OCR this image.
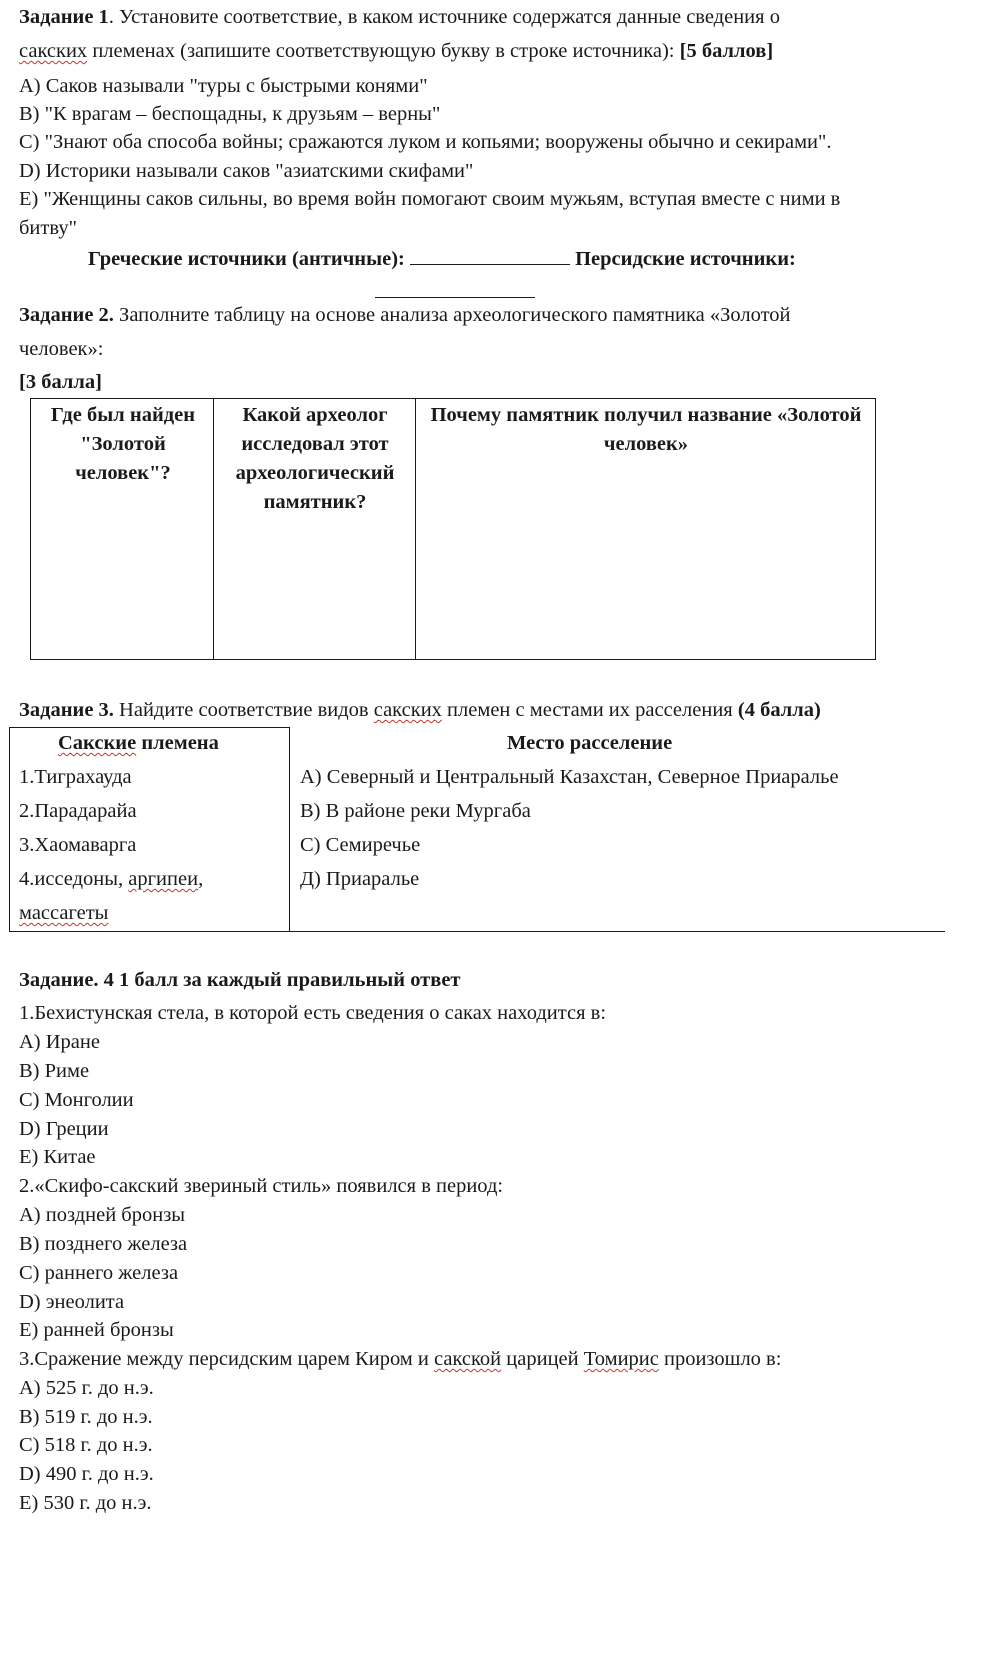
Задание 1. Установите соответствие, в каком источнике содержатся данные сведения о
сакских племенах (запишите соответствующую букву в строке источника): [5 баллов]
A) Саков называли "туры с быстрыми конями"
B) "К врагам – беспощадны, к друзьям – верны"
C) "Знают оба способа войны; сражаются луком и копьями; вооружены обычно и секирами".
D) Историки называли саков "азиатскими скифами"
E) "Женщины саков сильны, во время войн помогают своим мужьям, вступая вместе с ними в
битву"
Греческие источники (античные):	Персидские источники:
Задание 2. Заполните таблицу на основе анализа археологического памятника «Золотой
человек»:
[3 балла]
Где был найден "Золотой человек"?
Какой археолог исследовал этот археологический памятник?
Почему памятник получил название «Золотой человек»
Задание 3. Найдите соответствие видов сакских племен с местами их расселения (4 балла)
Сакские племена	Место расселение
1.Тиграхауда
2.Парадарайа
3.Хаомаварга
4.исседоны, аргипеи,
массагеты
А) Северный и Центральный Казахстан, Северное Приаралье
В) В районе реки Мургаба
С) Семиречье
Д) Приаралье
Задание. 4 1 балл за каждый правильный ответ
1.Бехистунская стела, в которой есть сведения о саках находится в:
A) Иране
B) Риме
C) Монголии
D) Греции
E) Китае
2.«Скифо-сакский звериный стиль» появился в период:
A) поздней бронзы
B) позднего железа
C) раннего железа
D) энеолита
E) ранней бронзы
3.Сражение между персидским царем Киром и сакской царицей Томирис произошло в:
A) 525 г. до н.э.
B) 519 г. до н.э.
C) 518 г. до н.э.
D) 490 г. до н.э.
E) 530 г. до н.э.
